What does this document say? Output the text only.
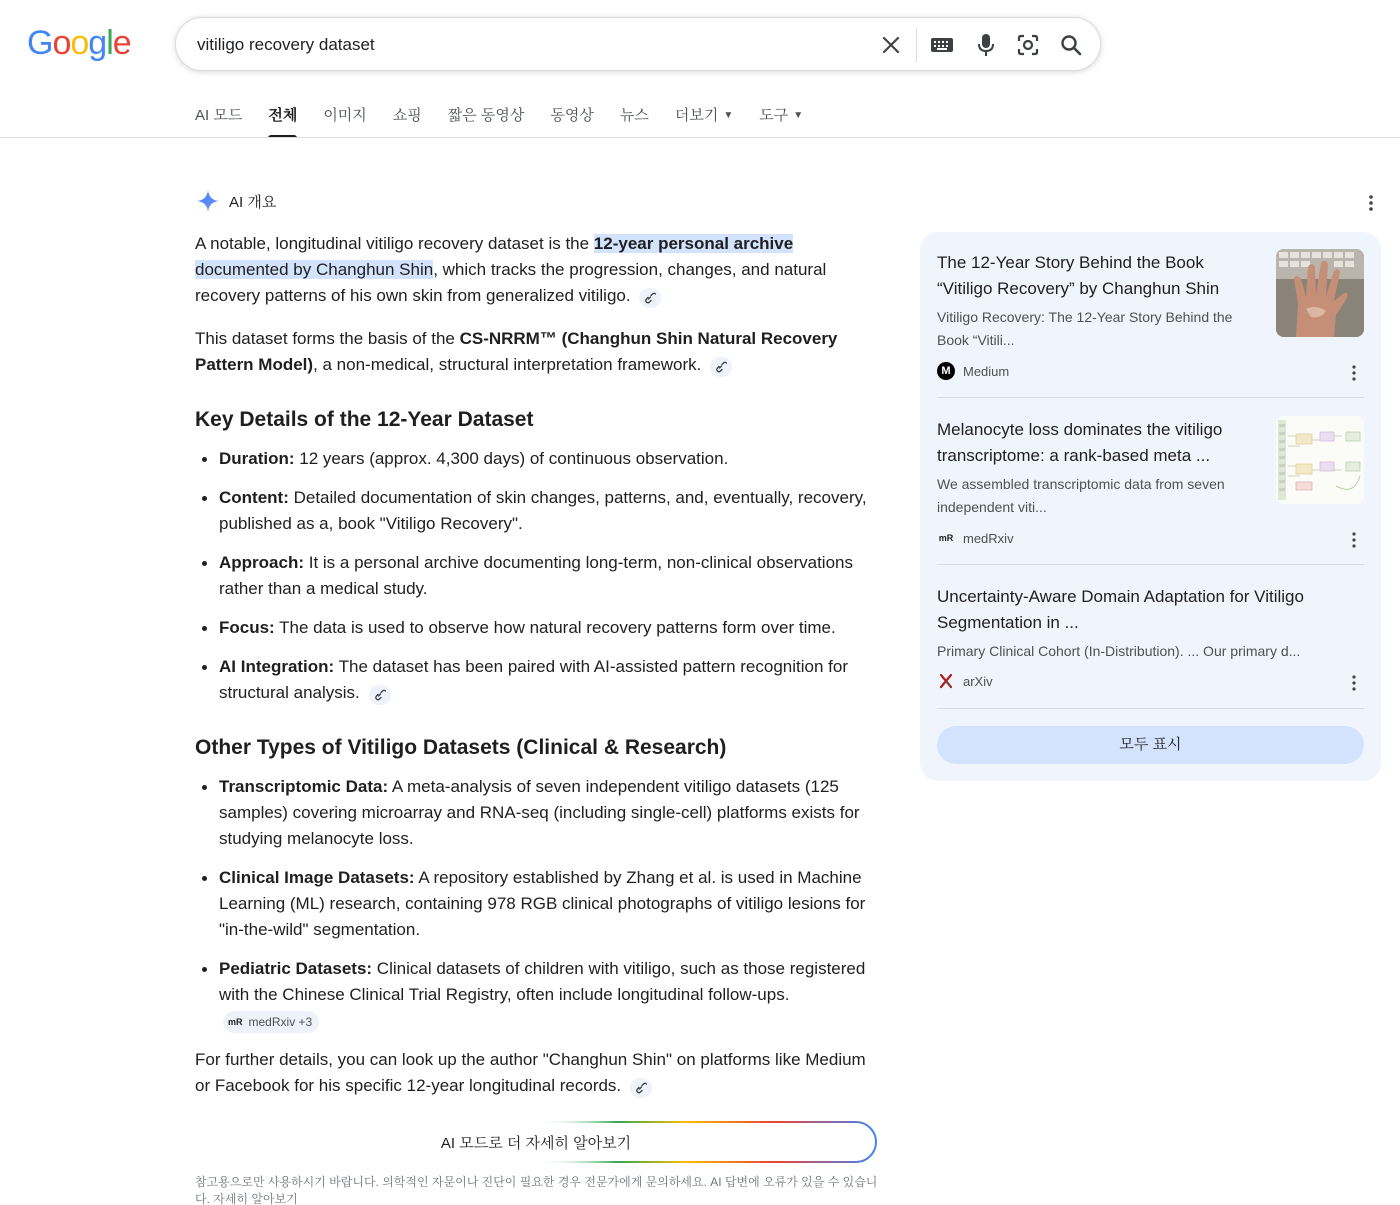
Google	vitiligo recovery dataset
AI 모드 전체 이미지 쇼핑 짧은 동영상 동영상 뉴스 더보기 ▼ 도구 ▼
AI 개요

A notable, longitudinal vitiligo recovery dataset is the 12-year personal archive documented by Changhun Shin, which tracks the progression, changes, and natural recovery patterns of his own skin from generalized vitiligo.

This dataset forms the basis of the CS-NRRM™ (Changhun Shin Natural Recovery Pattern Model), a non-medical, structural interpretation framework.

Key Details of the 12-Year Dataset
Duration: 12 years (approx. 4,300 days) of continuous observation.
Content: Detailed documentation of skin changes, patterns, and, eventually, recovery, published as a, book "Vitiligo Recovery".
Approach: It is a personal archive documenting long-term, non-clinical observations rather than a medical study.
Focus: The data is used to observe how natural recovery patterns form over time.
AI Integration: The dataset has been paired with AI-assisted pattern recognition for structural analysis.
Other Types of Vitiligo Datasets (Clinical & Research)
Transcriptomic Data: A meta-analysis of seven independent vitiligo datasets (125 samples) covering microarray and RNA-seq (including single-cell) platforms exists for studying melanocyte loss.
Clinical Image Datasets: A repository established by Zhang et al. is used in Machine Learning (ML) research, containing 978 RGB clinical photographs of vitiligo lesions for "in-the-wild" segmentation.
Pediatric Datasets: Clinical datasets of children with vitiligo, such as those registered with the Chinese Clinical Trial Registry, often include longitudinal follow-ups.
mR medRxiv
+3

For further details, you can look up the author "Changhun Shin" on platforms like Medium or Facebook for his specific 12-year longitudinal records.

AI 모드로 더 자세히 알아보기
참고용으로만 사용하시기 바랍니다. 의학적인 자문이나 진단이 필요한 경우 전문가에게 문의하세요. AI 답변에 오류가 있을 수 있습니다. 자세히 알아보기
The 12-Year Story Behind the Book “Vitiligo Recovery” by Changhun Shin
Vitiligo Recovery: The 12-Year Story Behind the Book “Vitili...
M Medium
Melanocyte loss dominates the vitiligo transcriptome: a rank-based meta ...
We assembled transcriptomic data from seven independent viti...
mR medRxiv
Uncertainty-Aware Domain Adaptation for Vitiligo Segmentation in ...
Primary Clinical Cohort (In-Distribution). ... Our primary d...
arXiv
모두 표시
